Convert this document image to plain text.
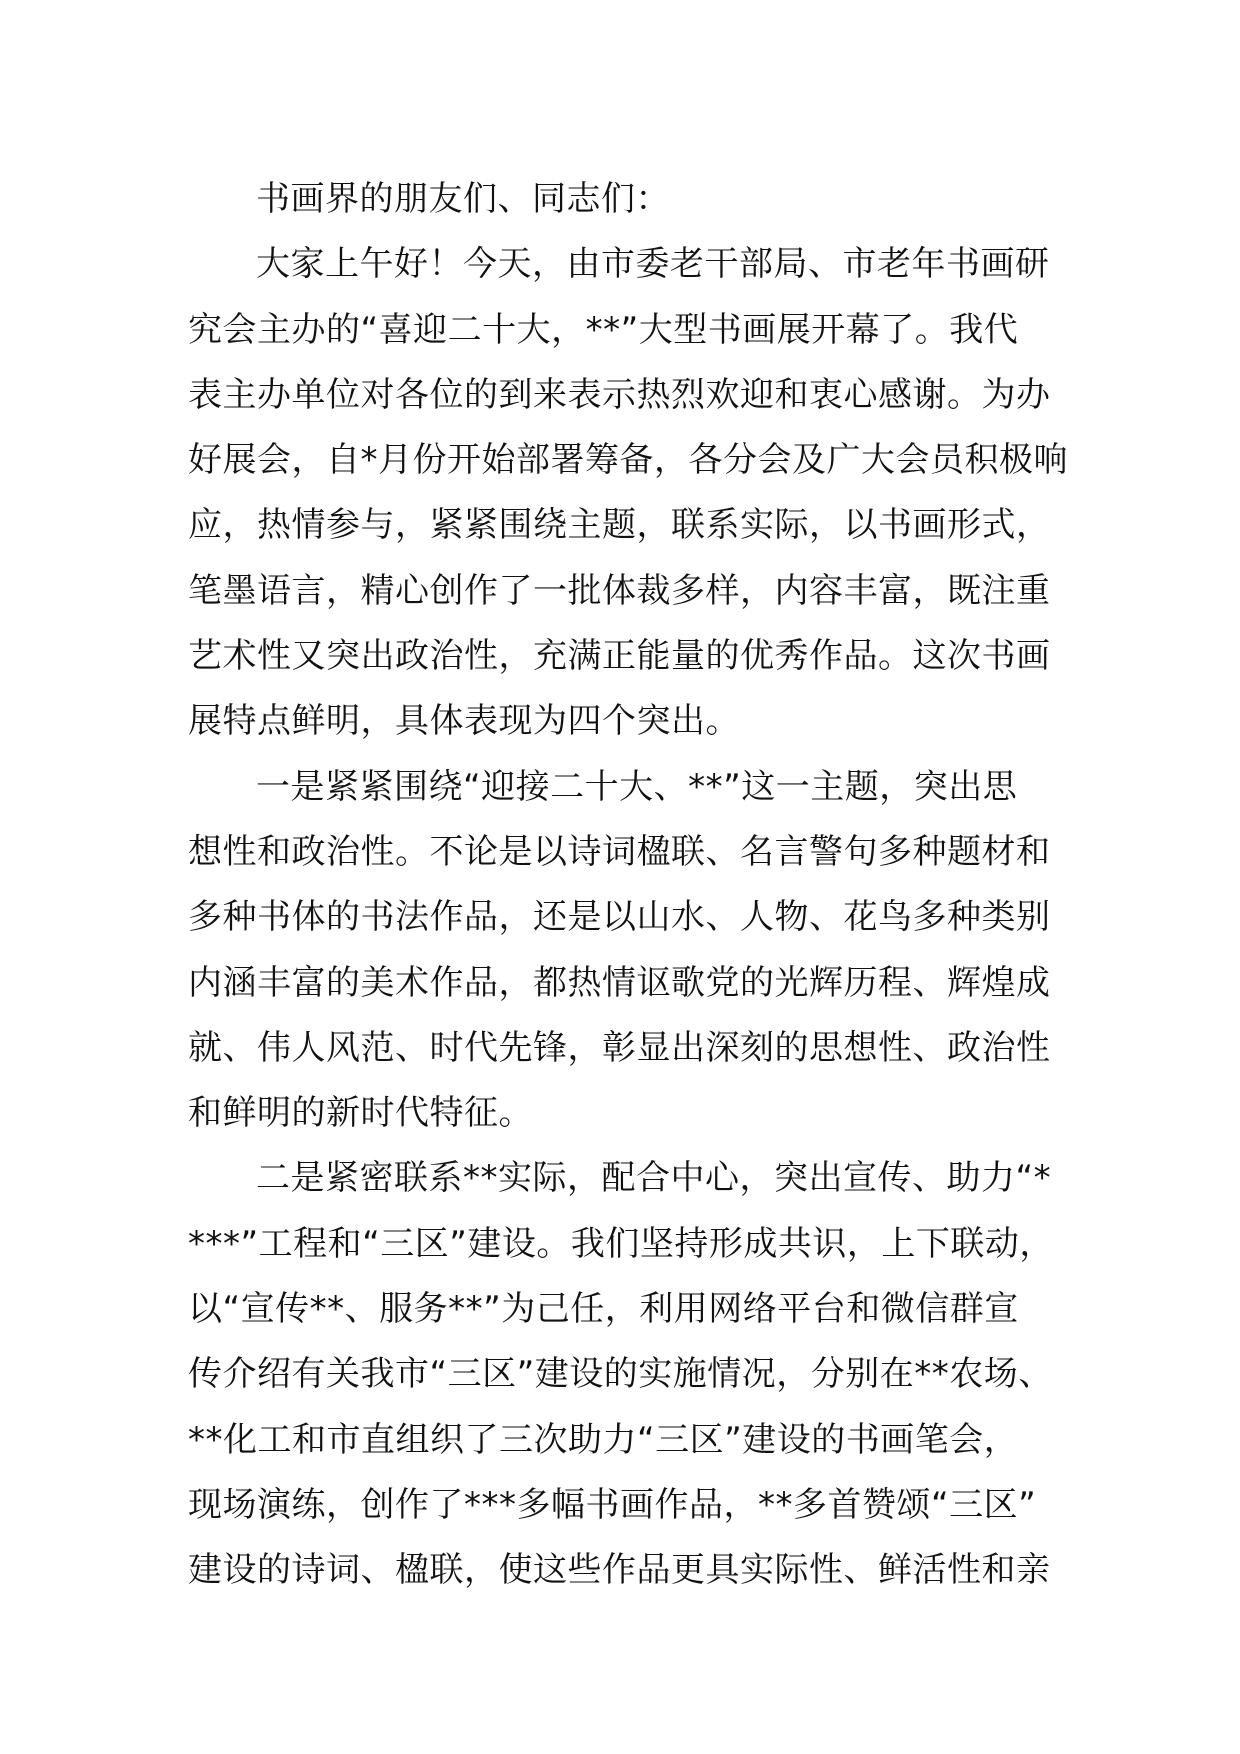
书画界的朋友们、同志们：
大家上午好！今天，由市委老干部局、市老年书画研
究会主办的“喜迎二十大，**”大型书画展开幕了。我代
表主办单位对各位的到来表示热烈欢迎和衷心感谢。为办
好展会，自*月份开始部署筹备，各分会及广大会员积极响
应，热情参与，紧紧围绕主题，联系实际，以书画形式，
笔墨语言，精心创作了一批体裁多样，内容丰富，既注重
艺术性又突出政治性，充满正能量的优秀作品。这次书画
展特点鲜明，具体表现为四个突出。
一是紧紧围绕“迎接二十大、**”这一主题，突出思
想性和政治性。不论是以诗词楹联、名言警句多种题材和
多种书体的书法作品，还是以山水、人物、花鸟多种类别
内涵丰富的美术作品，都热情讴歌党的光辉历程、辉煌成
就、伟人风范、时代先锋，彰显出深刻的思想性、政治性
和鲜明的新时代特征。
二是紧密联系**实际，配合中心，突出宣传、助力“*
***”工程和“三区”建设。我们坚持形成共识，上下联动，
以“宣传**、服务**”为己任，利用网络平台和微信群宣
传介绍有关我市“三区”建设的实施情况，分别在**农场、
**化工和市直组织了三次助力“三区”建设的书画笔会，
现场演练，创作了***多幅书画作品，**多首赞颂“三区”
建设的诗词、楹联，使这些作品更具实际性、鲜活性和亲
